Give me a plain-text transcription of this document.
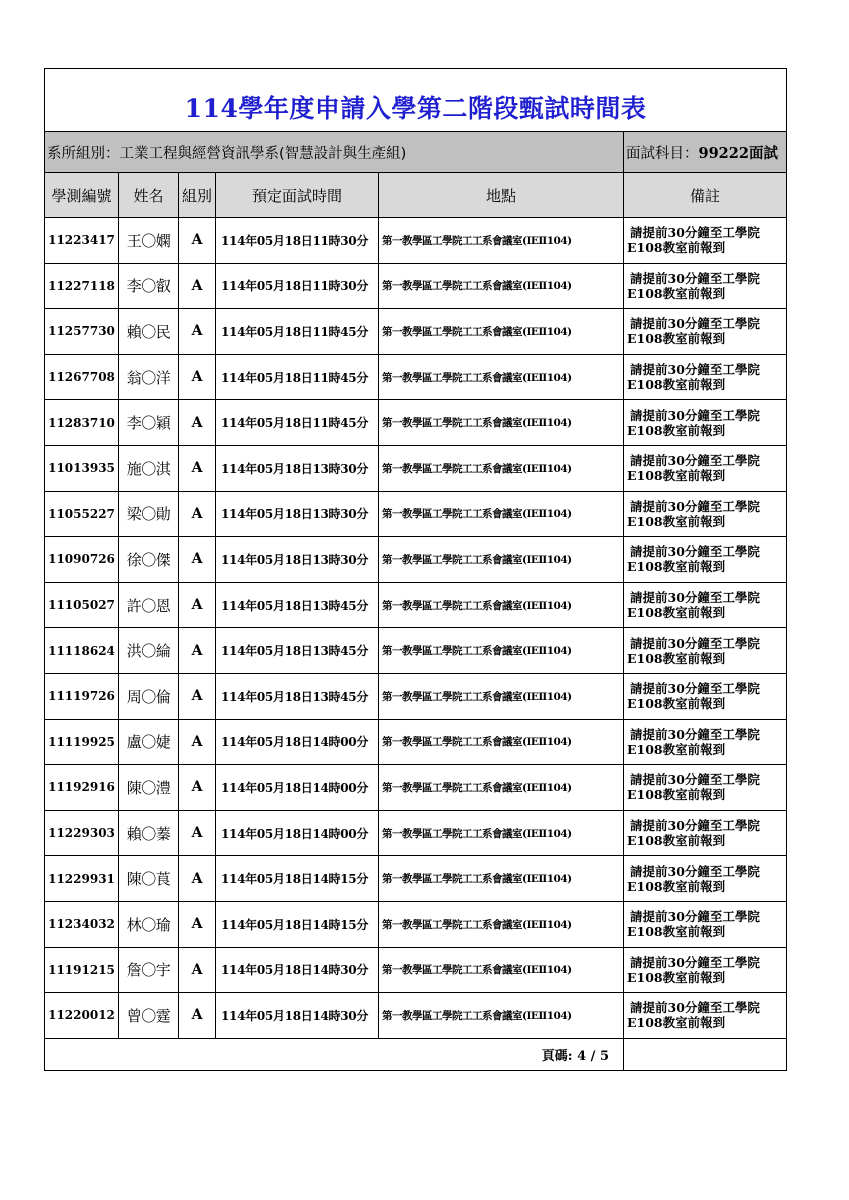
114學年度申請入學第二階段甄試時間表					
系所組別：工業工程與經營資訊學系(智慧設計與生產組)					面試科目：99222面試
學測編號	姓名	組別	預定面試時間	地點	備註
11223417	王〇嫻	A	114年05月18日11時30分	第一教學區工學院工工系會議室(IEⅡ104)	請提前30分鐘至工學院
E108教室前報到

11227118	李〇叡	A	114年05月18日11時30分	第一教學區工學院工工系會議室(IEⅡ104)	請提前30分鐘至工學院
E108教室前報到

11257730	賴〇民	A	114年05月18日11時45分	第一教學區工學院工工系會議室(IEⅡ104)	請提前30分鐘至工學院
E108教室前報到

11267708	翁〇洋	A	114年05月18日11時45分	第一教學區工學院工工系會議室(IEⅡ104)	請提前30分鐘至工學院
E108教室前報到

11283710	李〇穎	A	114年05月18日11時45分	第一教學區工學院工工系會議室(IEⅡ104)	請提前30分鐘至工學院
E108教室前報到

11013935	施〇淇	A	114年05月18日13時30分	第一教學區工學院工工系會議室(IEⅡ104)	請提前30分鐘至工學院
E108教室前報到

11055227	梁〇勛	A	114年05月18日13時30分	第一教學區工學院工工系會議室(IEⅡ104)	請提前30分鐘至工學院
E108教室前報到

11090726	徐〇傑	A	114年05月18日13時30分	第一教學區工學院工工系會議室(IEⅡ104)	請提前30分鐘至工學院
E108教室前報到

11105027	許〇恩	A	114年05月18日13時45分	第一教學區工學院工工系會議室(IEⅡ104)	請提前30分鐘至工學院
E108教室前報到

11118624	洪〇綸	A	114年05月18日13時45分	第一教學區工學院工工系會議室(IEⅡ104)	請提前30分鐘至工學院
E108教室前報到

11119726	周〇倫	A	114年05月18日13時45分	第一教學區工學院工工系會議室(IEⅡ104)	請提前30分鐘至工學院
E108教室前報到

11119925	盧〇婕	A	114年05月18日14時00分	第一教學區工學院工工系會議室(IEⅡ104)	請提前30分鐘至工學院
E108教室前報到

11192916	陳〇澧	A	114年05月18日14時00分	第一教學區工學院工工系會議室(IEⅡ104)	請提前30分鐘至工學院
E108教室前報到

11229303	賴〇蓁	A	114年05月18日14時00分	第一教學區工學院工工系會議室(IEⅡ104)	請提前30分鐘至工學院
E108教室前報到

11229931	陳〇莨	A	114年05月18日14時15分	第一教學區工學院工工系會議室(IEⅡ104)	請提前30分鐘至工學院
E108教室前報到

11234032	林〇瑜	A	114年05月18日14時15分	第一教學區工學院工工系會議室(IEⅡ104)	請提前30分鐘至工學院
E108教室前報到

11191215	詹〇宇	A	114年05月18日14時30分	第一教學區工學院工工系會議室(IEⅡ104)	請提前30分鐘至工學院
E108教室前報到

11220012	曾〇霆	A	114年05月18日14時30分	第一教學區工學院工工系會議室(IEⅡ104)	請提前30分鐘至工學院
E108教室前報到

頁碼: 4 / 5					
